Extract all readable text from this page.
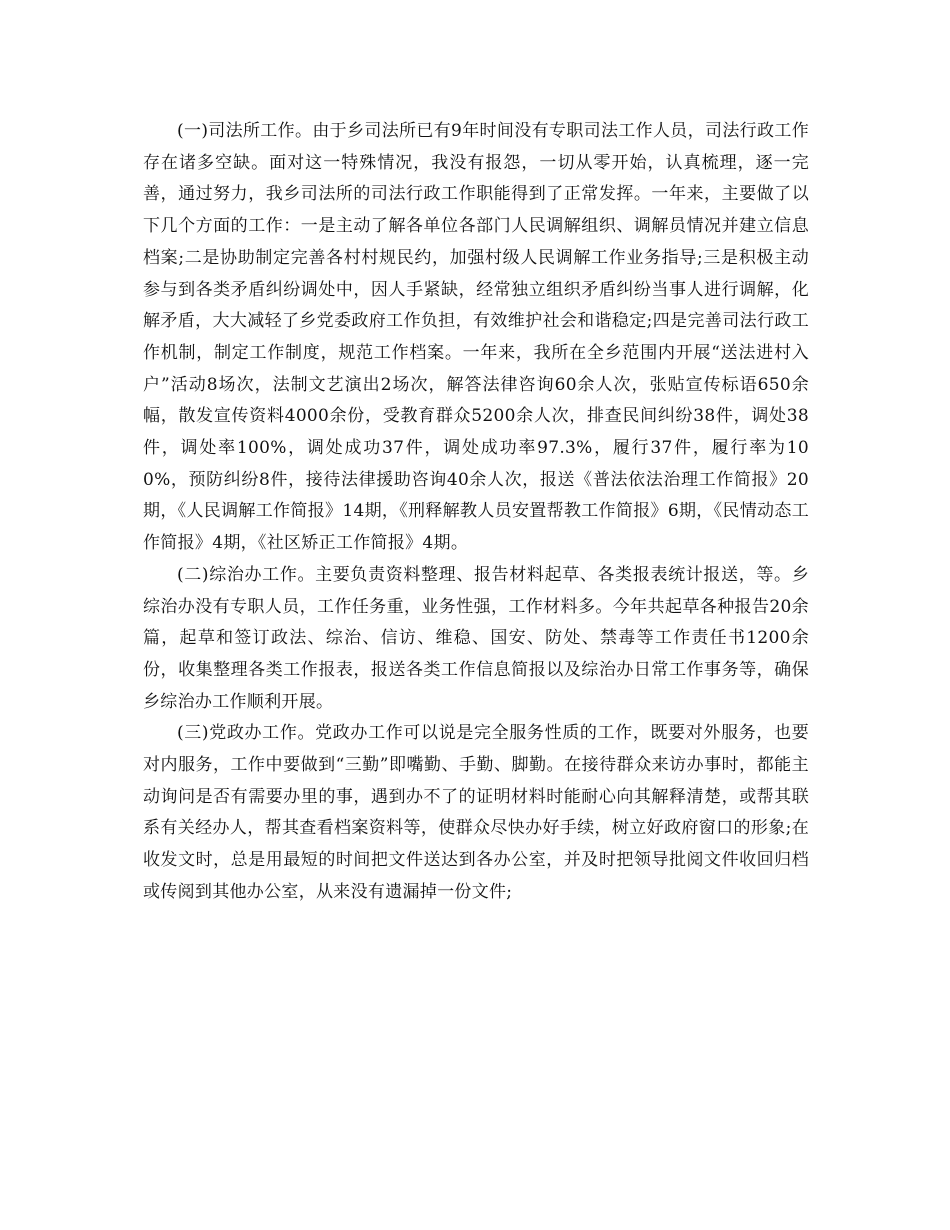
(一)司法所工作。由于乡司法所已有9年时间没有专职司法工作人员，司法行政工作存在诸多空缺。面对这一特殊情况，我没有报怨，一切从零开始，认真梳理，逐一完善，通过努力，我乡司法所的司法行政工作职能得到了正常发挥。一年来，主要做了以下几个方面的工作：一是主动了解各单位各部门人民调解组织、调解员情况并建立信息档案;二是协助制定完善各村村规民约，加强村级人民调解工作业务指导;三是积极主动参与到各类矛盾纠纷调处中，因人手紧缺，经常独立组织矛盾纠纷当事人进行调解，化解矛盾，大大减轻了乡党委政府工作负担，有效维护社会和谐稳定;四是完善司法行政工作机制，制定工作制度，规范工作档案。一年来，我所在全乡范围内开展“送法进村入户”活动8场次，法制文艺演出2场次，解答法律咨询60余人次，张贴宣传标语650余幅，散发宣传资料4000余份，受教育群众5200余人次，排查民间纠纷38件，调处38件，调处率100%，调处成功37件，调处成功率97.3%，履行37件，履行率为100%，预防纠纷8件，接待法律援助咨询40余人次，报送《普法依法治理工作简报》20期，《人民调解工作简报》14期，《刑释解教人员安置帮教工作简报》6期，《民情动态工作简报》4期，《社区矫正工作简报》4期。

(二)综治办工作。主要负责资料整理、报告材料起草、各类报表统计报送，等。乡综治办没有专职人员，工作任务重，业务性强，工作材料多。今年共起草各种报告20余篇，起草和签订政法、综治、信访、维稳、国安、防处、禁毒等工作责任书1200余份，收集整理各类工作报表，报送各类工作信息简报以及综治办日常工作事务等，确保乡综治办工作顺利开展。

(三)党政办工作。党政办工作可以说是完全服务性质的工作，既要对外服务，也要对内服务，工作中要做到“三勤”即嘴勤、手勤、脚勤。在接待群众来访办事时，都能主动询问是否有需要办里的事，遇到办不了的证明材料时能耐心向其解释清楚，或帮其联系有关经办人，帮其查看档案资料等，使群众尽快办好手续，树立好政府窗口的形象;在收发文时，总是用最短的时间把文件送达到各办公室，并及时把领导批阅文件收回归档或传阅到其他办公室，从来没有遗漏掉一份文件;
